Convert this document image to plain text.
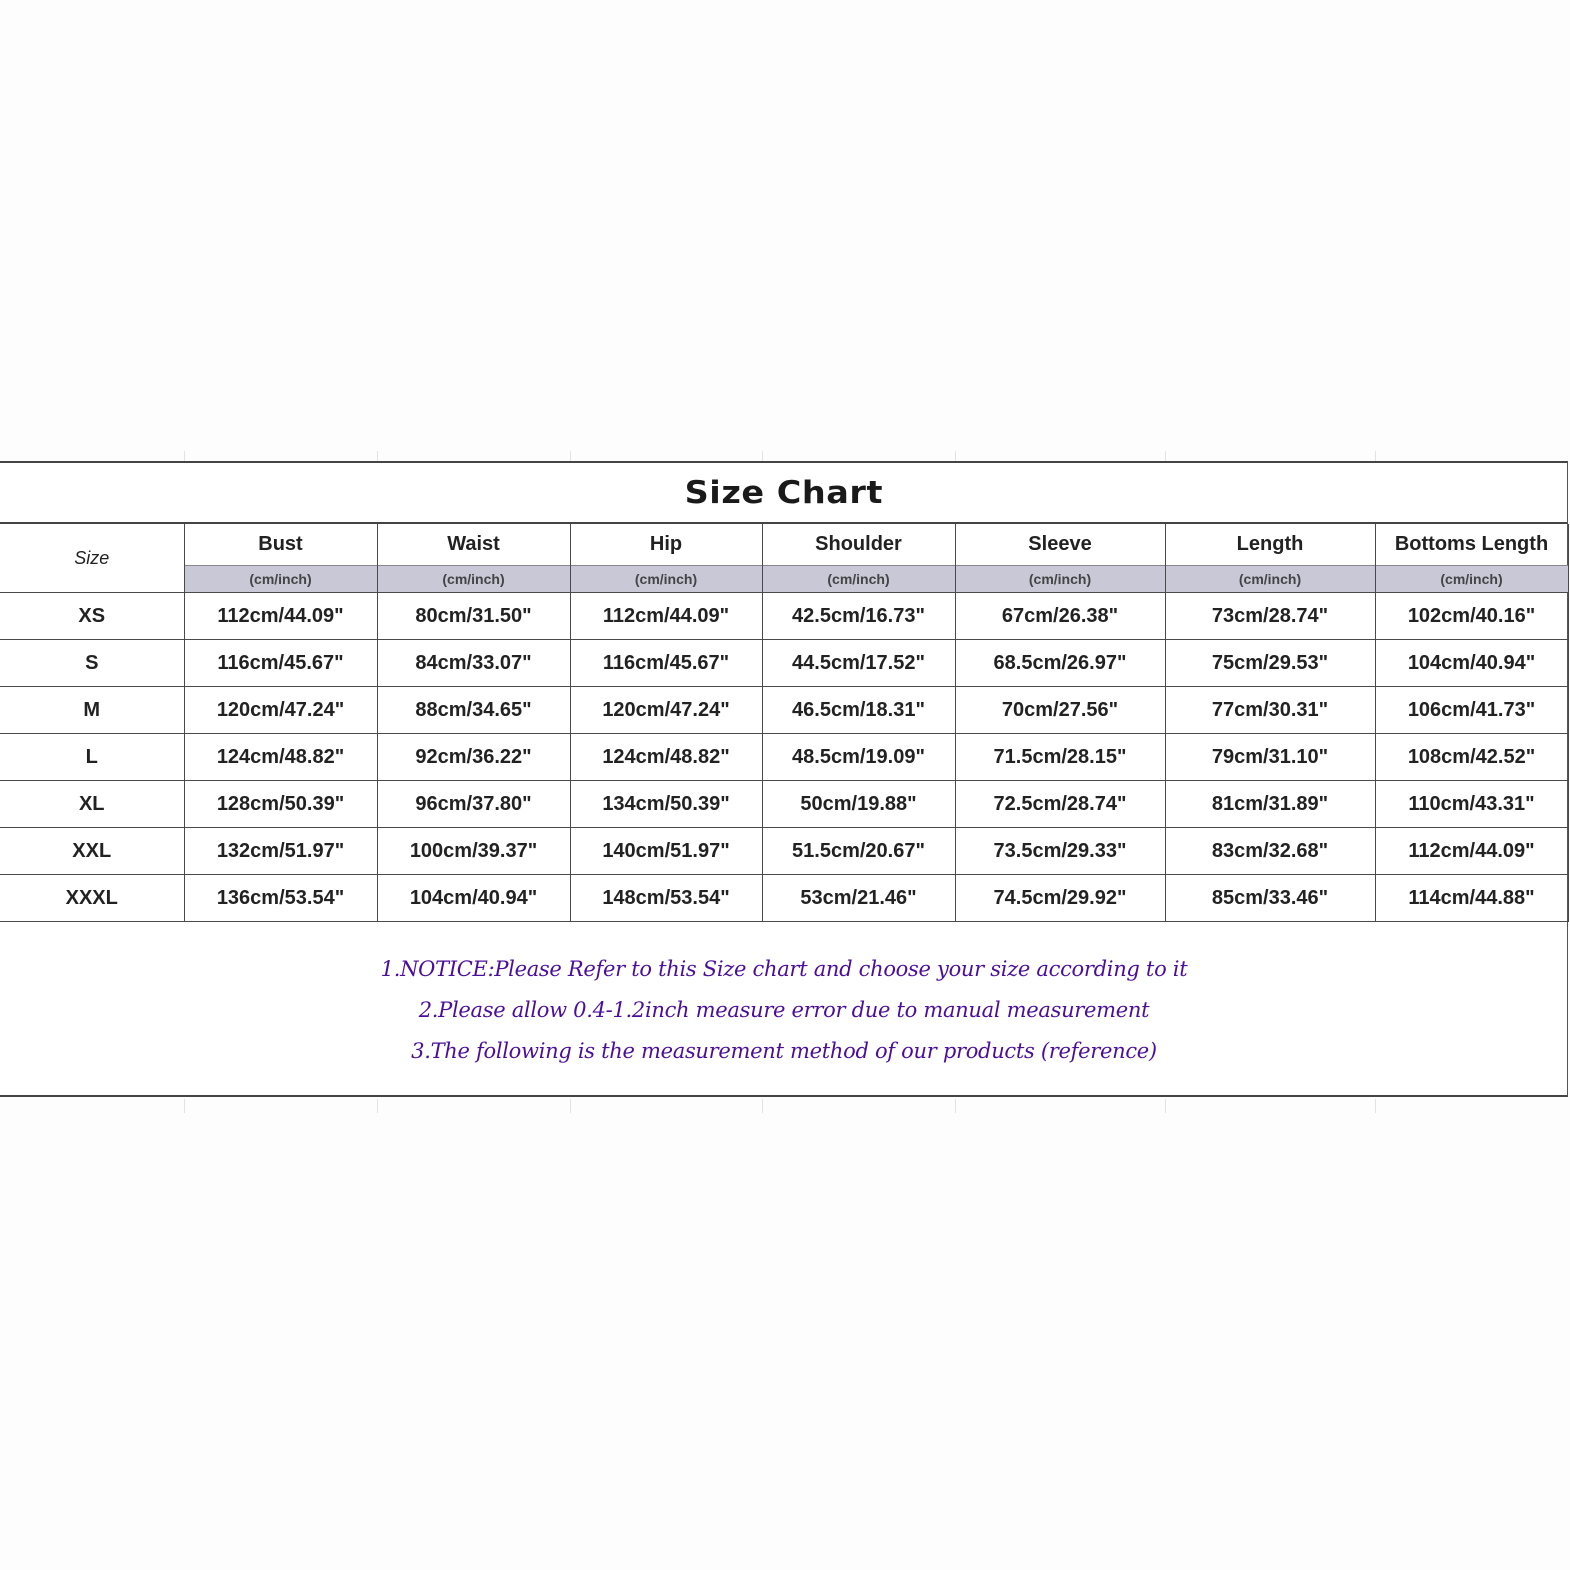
Size Chart
Size	Bust	Waist	Hip	Shoulder	Sleeve	Length	Bottoms Length
	(cm/inch)	(cm/inch)	(cm/inch)	(cm/inch)	(cm/inch)	(cm/inch)	(cm/inch)
XS	112cm/44.09"	80cm/31.50"	112cm/44.09"	42.5cm/16.73"	67cm/26.38"	73cm/28.74"	102cm/40.16"
S	116cm/45.67"	84cm/33.07"	116cm/45.67"	44.5cm/17.52"	68.5cm/26.97"	75cm/29.53"	104cm/40.94"
M	120cm/47.24"	88cm/34.65"	120cm/47.24"	46.5cm/18.31"	70cm/27.56"	77cm/30.31"	106cm/41.73"
L	124cm/48.82"	92cm/36.22"	124cm/48.82"	48.5cm/19.09"	71.5cm/28.15"	79cm/31.10"	108cm/42.52"
XL	128cm/50.39"	96cm/37.80"	134cm/50.39"	50cm/19.88"	72.5cm/28.74"	81cm/31.89"	110cm/43.31"
XXL	132cm/51.97"	100cm/39.37"	140cm/51.97"	51.5cm/20.67"	73.5cm/29.33"	83cm/32.68"	112cm/44.09"
XXXL	136cm/53.54"	104cm/40.94"	148cm/53.54"	53cm/21.46"	74.5cm/29.92"	85cm/33.46"	114cm/44.88"
1.NOTICE:Please Refer to this Size chart and choose your size according to it
2.Please allow 0.4-1.2inch measure error due to manual measurement
3.The following is the measurement method of our products (reference)
